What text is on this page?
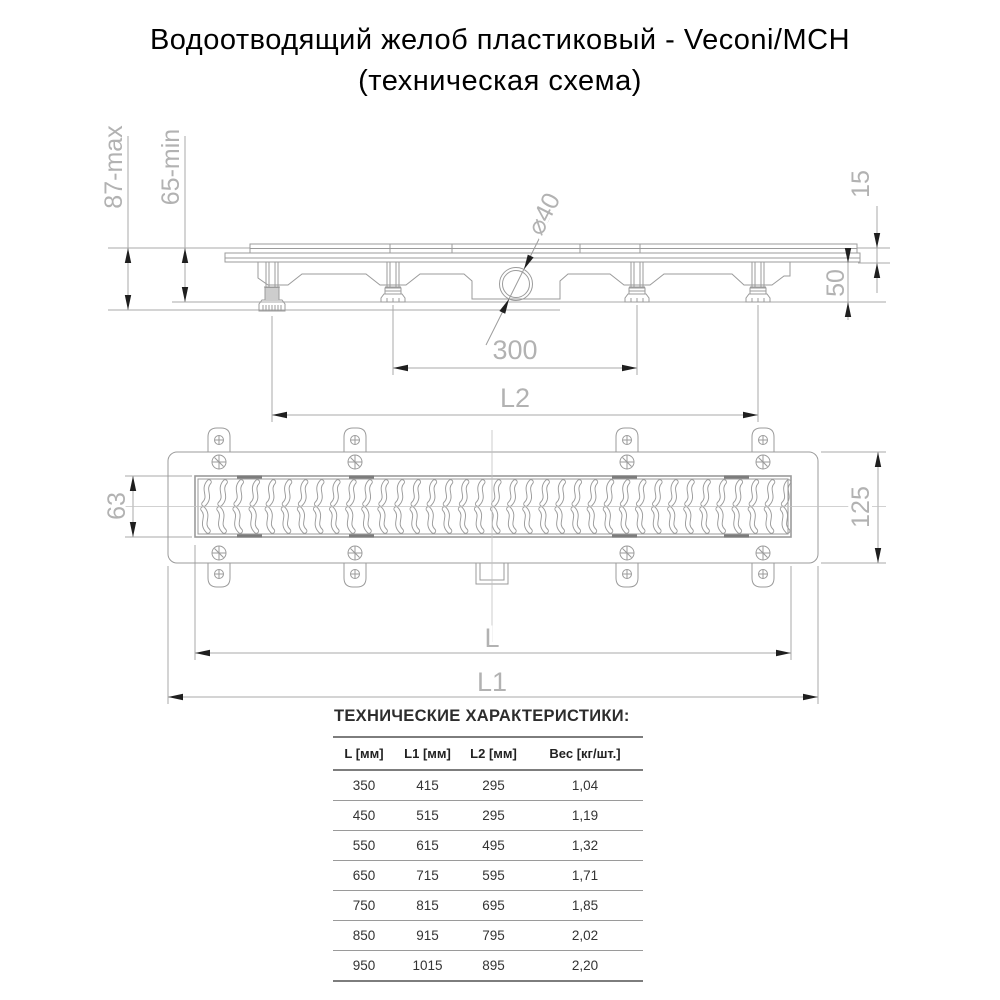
Водоотводящий желоб пластиковый - Veconi/MCH
(техническая схема)
87-max 65-min	15
50
⌀40
300
L2
63	125
L
L1
ТЕХНИЧЕСКИЕ ХАРАКТЕРИСТИКИ:
L [мм]	L1 [мм]	L2 [мм]	Вес [кг/шт.]
350	415	295	1,04
450	515	295	1,19
550	615	495	1,32
650	715	595	1,71
750	815	695	1,85
850	915	795	2,02
950	1015	895	2,20
